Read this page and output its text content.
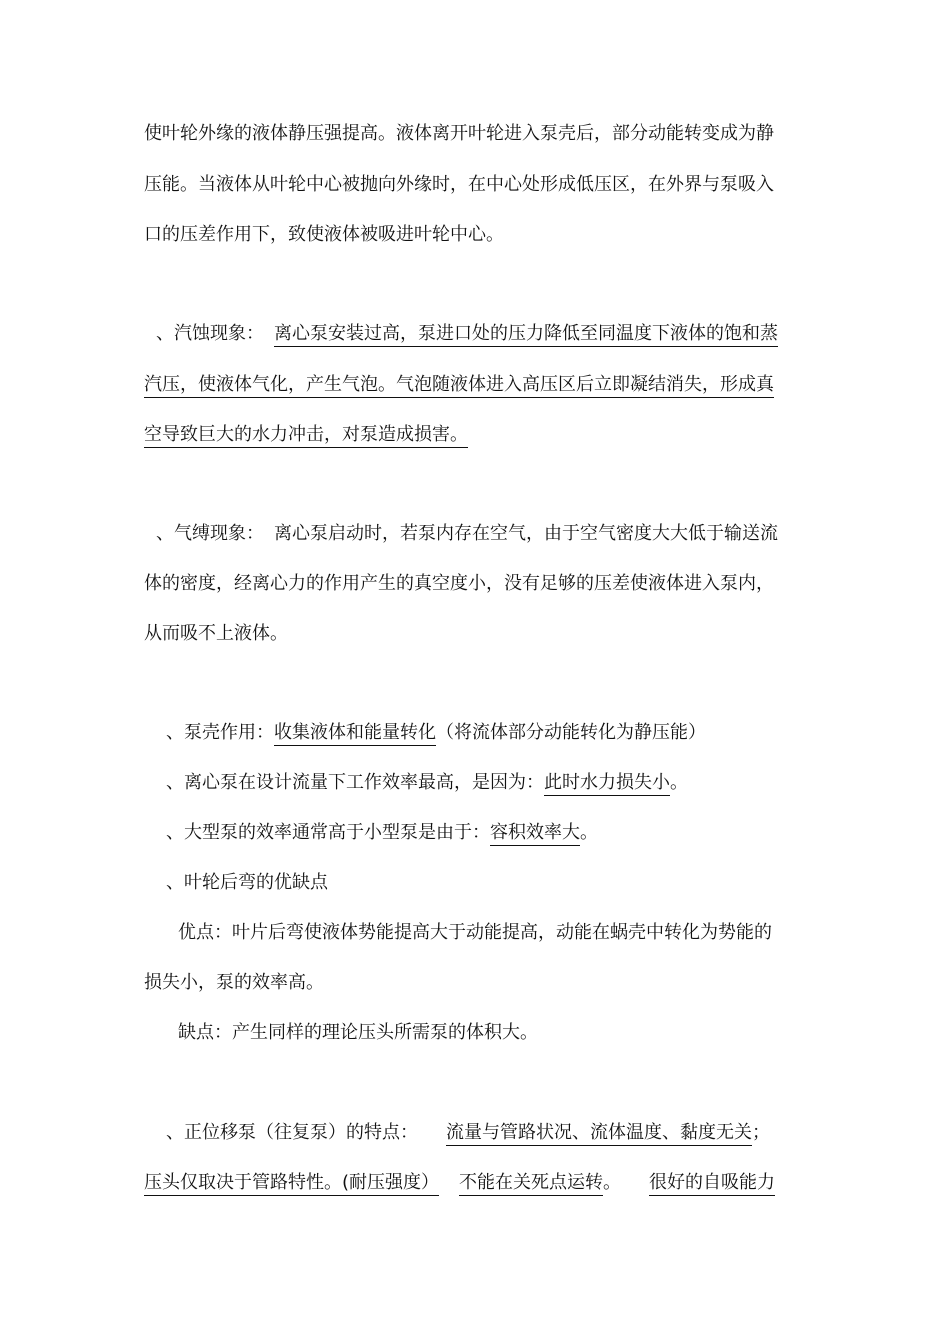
使叶轮外缘的液体静压强提高。液体离开叶轮进入泵壳后，部分动能转变成为静
压能。当液体从叶轮中心被抛向外缘时，在中心处形成低压区，在外界与泵吸入
口的压差作用下，致使液体被吸进叶轮中心。
、汽蚀现象： 离心泵安装过高，泵进口处的压力降低至同温度下液体的饱和蒸
汽压，使液体气化，产生气泡。气泡随液体进入高压区后立即凝结消失，形成真
空导致巨大的水力冲击，对泵造成损害。
、气缚现象： 离心泵启动时，若泵内存在空气，由于空气密度大大低于输送流
体的密度，经离心力的作用产生的真空度小，没有足够的压差使液体进入泵内，
从而吸不上液体。
、泵壳作用：收集液体和能量转化（将流体部分动能转化为静压能）
、离心泵在设计流量下工作效率最高，是因为：此时水力损失小。
、大型泵的效率通常高于小型泵是由于：容积效率大。
、叶轮后弯的优缺点
优点：叶片后弯使液体势能提高大于动能提高，动能在蜗壳中转化为势能的
损失小，泵的效率高。
缺点：产生同样的理论压头所需泵的体积大。
、正位移泵（往复泵）的特点： 流量与管路状况、流体温度、黏度无关；
压头仅取决于管路特性。(耐压强度） 不能在关死点运转。 很好的自吸能力
